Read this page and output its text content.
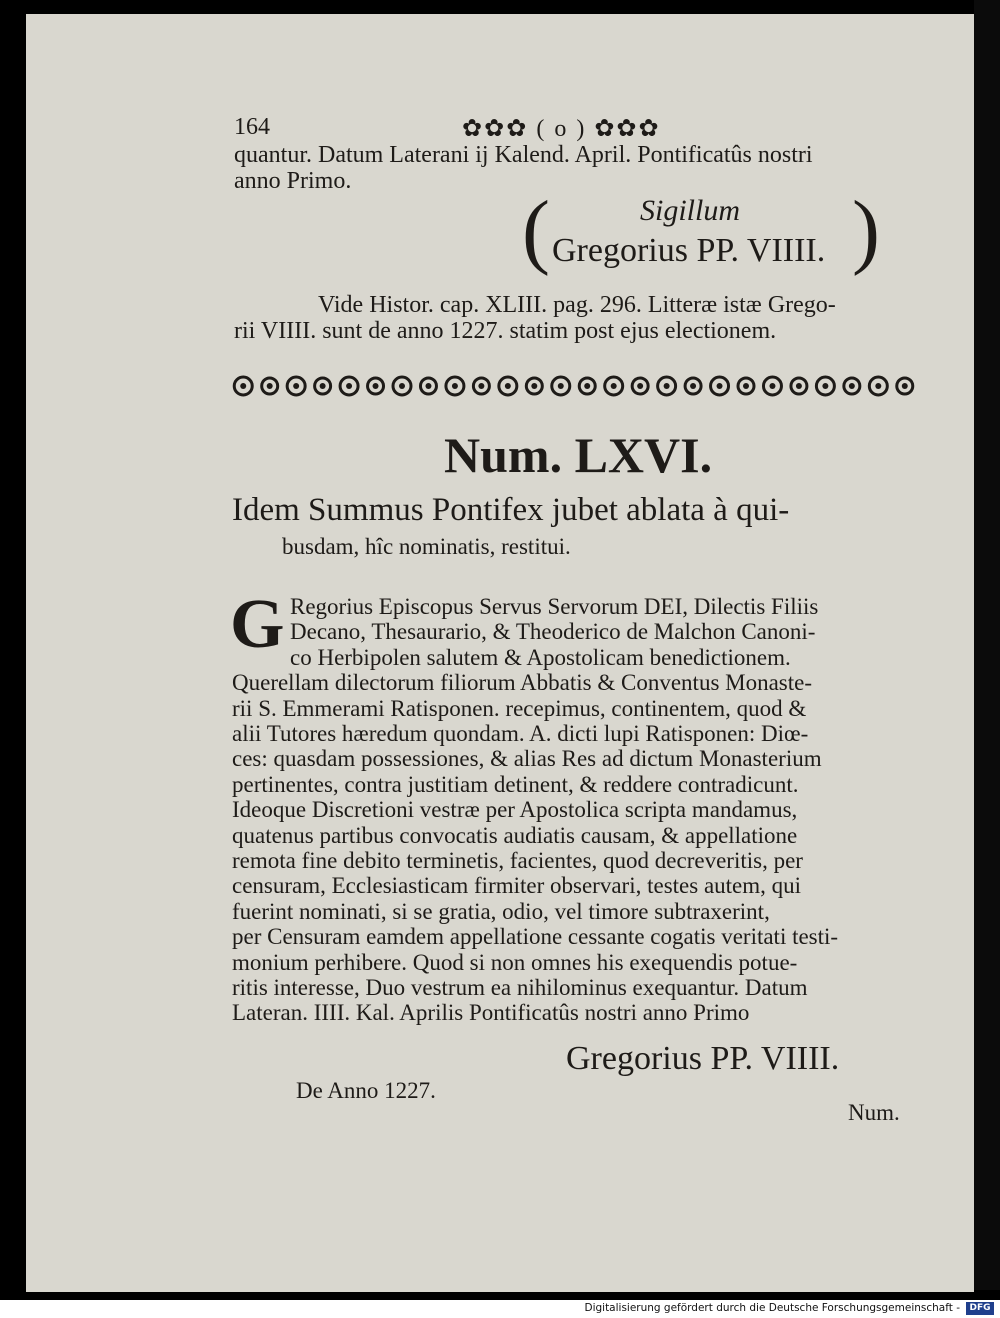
164	✿✿✿ ( o ) ✿✿✿
quantur. Datum Laterani ij Kalend. April. Pontificatûs nostri
anno Primo.
(	Sigillum
Gregorius PP. VIIII. )
Vide Histor. cap. XLIII. pag. 296. Litteræ istæ Grego-
rii VIIII. sunt de anno 1227. statim post ejus electionem.
Num. LXVI.
Idem Summus Pontifex jubet ablata à qui-
busdam, hîc nominatis, restitui.
G Regorius Episcopus Servus Servorum DEI, Dilectis Filiis
Decano, Thesaurario, & Theoderico de Malchon Canoni-
co Herbipolen salutem & Apostolicam benedictionem.
Querellam dilectorum filiorum Abbatis & Conventus Monaste-
rii S. Emmerami Ratisponen. recepimus, continentem, quod &
alii Tutores hæredum quondam. A. dicti lupi Ratisponen: Diœ-
ces: quasdam possessiones, & alias Res ad dictum Monasterium
pertinentes, contra justitiam detinent, & reddere contradicunt.
Ideoque Discretioni vestræ per Apostolica scripta mandamus,
quatenus partibus convocatis audiatis causam, & appellatione
remota fine debito terminetis, facientes, quod decreveritis, per
censuram, Ecclesiasticam firmiter observari, testes autem, qui
fuerint nominati, si se gratia, odio, vel timore subtraxerint,
per Censuram eamdem appellatione cessante cogatis veritati testi-
monium perhibere. Quod si non omnes his exequendis potue-
ritis interesse, Duo vestrum ea nihilominus exequantur. Datum
Lateran. IIII. Kal. Aprilis Pontificatûs nostri anno Primo
Gregorius PP. VIIII.
De Anno 1227.
Num.
Digitalisierung gefördert durch die Deutsche Forschungsgemeinschaft -	DFG
